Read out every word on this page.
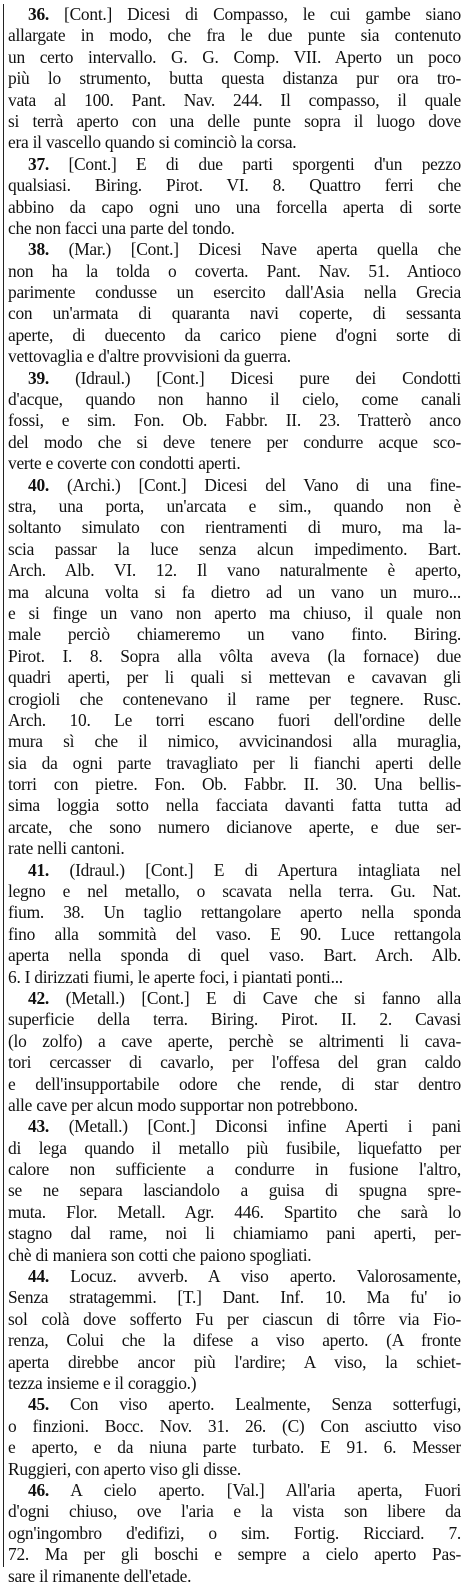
36. [Cont.] Dicesi di Compasso, le cui gambe siano
allargate in modo, che fra le due punte sia contenuto
un certo intervallo. G. G. Comp. VII. Aperto un poco
più lo strumento, butta questa distanza pur ora tro-
vata al 100. Pant. Nav. 244. Il compasso, il quale
si terrà aperto con una delle punte sopra il luogo dove
era il vascello quando si cominciò la corsa.
37. [Cont.] E di due parti sporgenti d'un pezzo
qualsiasi. Biring. Pirot. VI. 8. Quattro ferri che
abbino da capo ogni uno una forcella aperta di sorte
che non facci una parte del tondo.
38. (Mar.) [Cont.] Dicesi Nave aperta quella che
non ha la tolda o coverta. Pant. Nav. 51. Antioco
parimente condusse un esercito dall'Asia nella Grecia
con un'armata di quaranta navi coperte, di sessanta
aperte, di duecento da carico piene d'ogni sorte di
vettovaglia e d'altre provvisioni da guerra.
39. (Idraul.) [Cont.] Dicesi pure dei Condotti
d'acque, quando non hanno il cielo, come canali
fossi, e sim. Fon. Ob. Fabbr. II. 23. Tratterò anco
del modo che si deve tenere per condurre acque sco-
verte e coverte con condotti aperti.
40. (Archi.) [Cont.] Dicesi del Vano di una fine-
stra, una porta, un'arcata e sim., quando non è
soltanto simulato con rientramenti di muro, ma la-
scia passar la luce senza alcun impedimento. Bart.
Arch. Alb. VI. 12. Il vano naturalmente è aperto,
ma alcuna volta si fa dietro ad un vano un muro...
e si finge un vano non aperto ma chiuso, il quale non
male perciò chiameremo un vano finto. Biring.
Pirot. I. 8. Sopra alla vôlta aveva (la fornace) due
quadri aperti, per li quali si mettevan e cavavan gli
crogioli che contenevano il rame per tegnere. Rusc.
Arch. 10. Le torri escano fuori dell'ordine delle
mura sì che il nimico, avvicinandosi alla muraglia,
sia da ogni parte travagliato per li fianchi aperti delle
torri con pietre. Fon. Ob. Fabbr. II. 30. Una bellis-
sima loggia sotto nella facciata davanti fatta tutta ad
arcate, che sono numero dicianove aperte, e due ser-
rate nelli cantoni.
41. (Idraul.) [Cont.] E di Apertura intagliata nel
legno e nel metallo, o scavata nella terra. Gu. Nat.
fium. 38. Un taglio rettangolare aperto nella sponda
fino alla sommità del vaso. E 90. Luce rettangola
aperta nella sponda di quel vaso. Bart. Arch. Alb.
6. I dirizzati fiumi, le aperte foci, i piantati ponti...
42. (Metall.) [Cont.] E di Cave che si fanno alla
superficie della terra. Biring. Pirot. II. 2. Cavasi
(lo zolfo) a cave aperte, perchè se altrimenti li cava-
tori cercasser di cavarlo, per l'offesa del gran caldo
e dell'insupportabile odore che rende, di star dentro
alle cave per alcun modo supportar non potrebbono.
43. (Metall.) [Cont.] Diconsi infine Aperti i pani
di lega quando il metallo più fusibile, liquefatto per
calore non sufficiente a condurre in fusione l'altro,
se ne separa lasciandolo a guisa di spugna spre-
muta. Flor. Metall. Agr. 446. Spartito che sarà lo
stagno dal rame, noi li chiamiamo pani aperti, per-
chè di maniera son cotti che paiono spogliati.
44. Locuz. avverb. A viso aperto. Valorosamente,
Senza stratagemmi. [T.] Dant. Inf. 10. Ma fu' io
sol colà dove sofferto Fu per ciascun di tôrre via Fio-
renza, Colui che la difese a viso aperto. (A fronte
aperta direbbe ancor più l'ardire; A viso, la schiet-
tezza insieme e il coraggio.)
45. Con viso aperto. Lealmente, Senza sotterfugi,
o finzioni. Bocc. Nov. 31. 26. (C) Con asciutto viso
e aperto, e da niuna parte turbato. E 91. 6. Messer
Ruggieri, con aperto viso gli disse.
46. A cielo aperto. [Val.] All'aria aperta, Fuori
d'ogni chiuso, ove l'aria e la vista son libere da
ogn'ingombro d'edifizi, o sim. Fortig. Ricciard. 7.
72. Ma per gli boschi e sempre a cielo aperto Pas-
sare il rimanente dell'etade.
